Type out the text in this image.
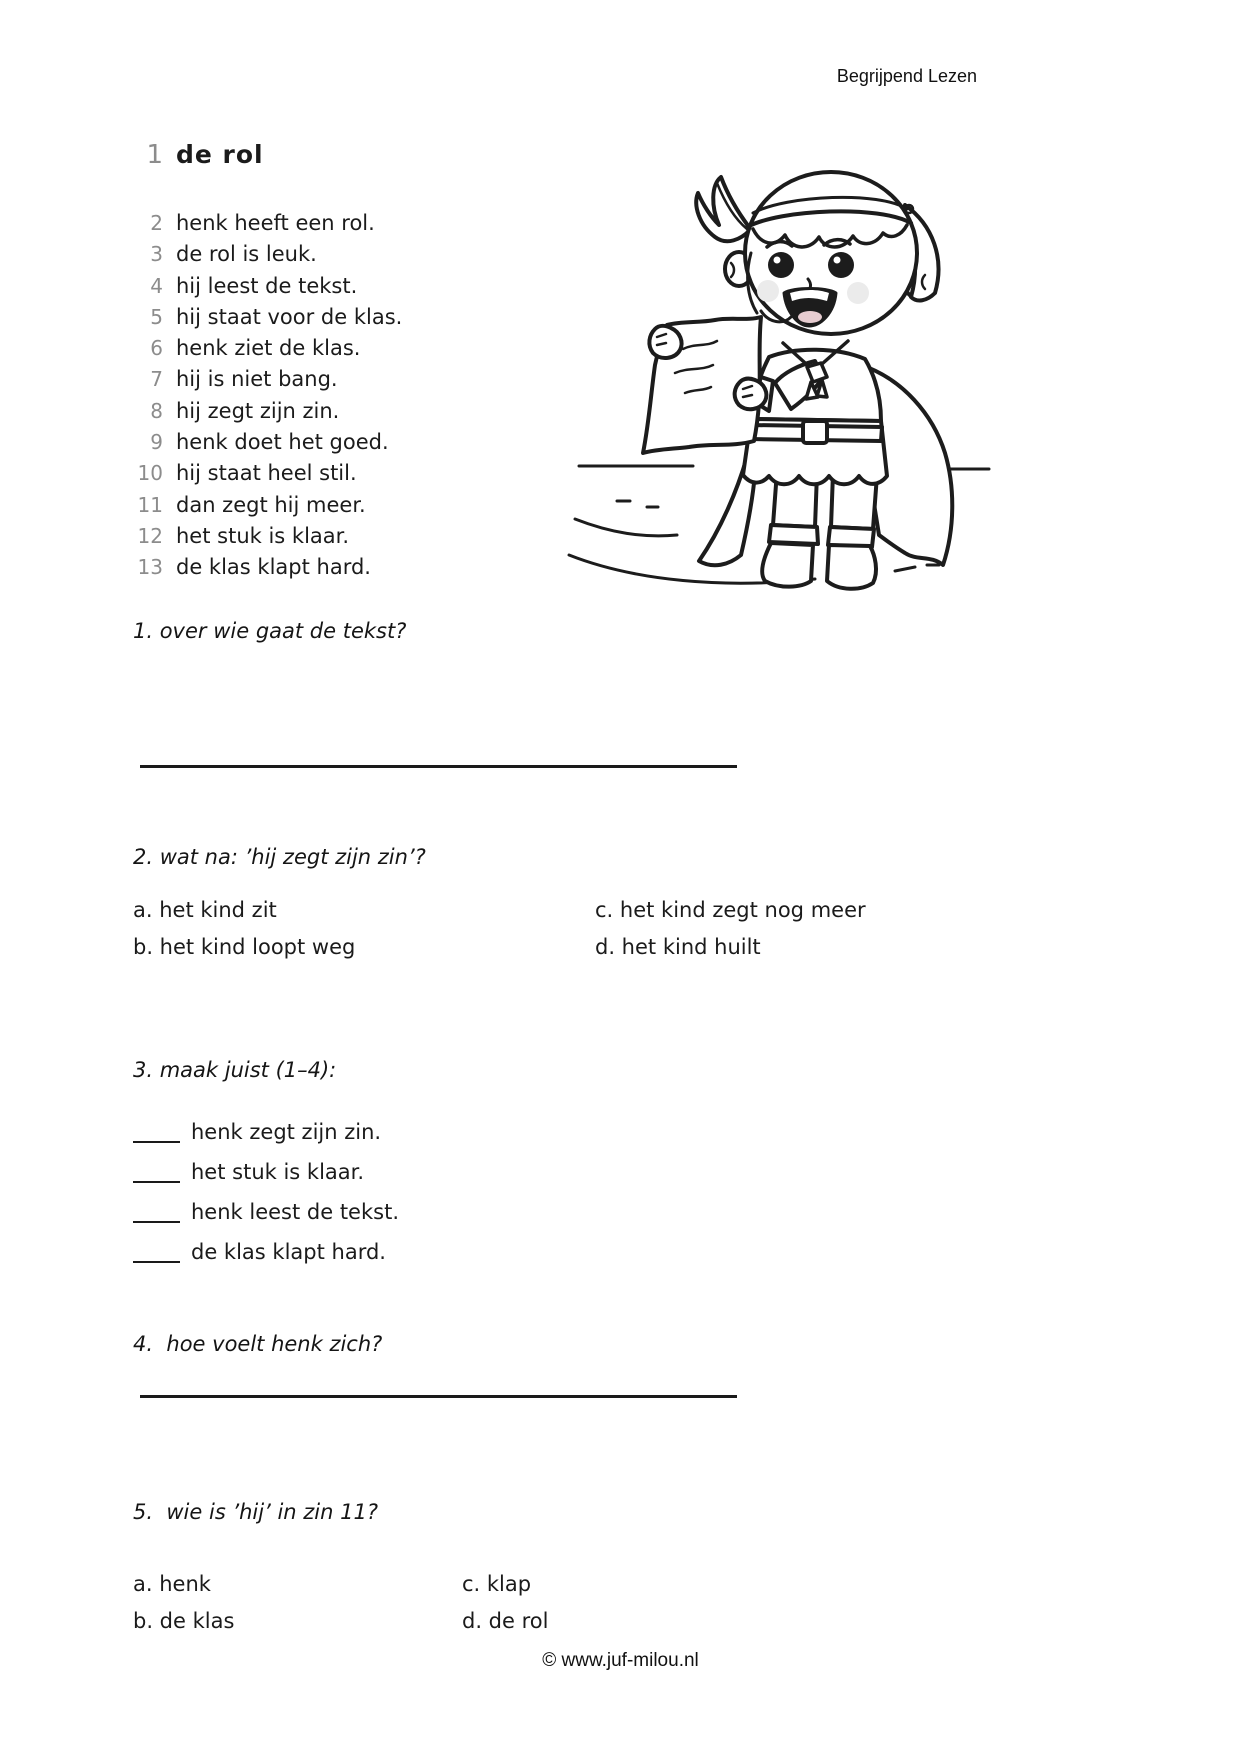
Begrijpend Lezen
1 de rol
2 henk heeft een rol.
3 de rol is leuk.
4 hij leest de tekst.
5 hij staat voor de klas.
6 henk ziet de klas.
7 hij is niet bang.
8 hij zegt zijn zin.
9 henk doet het goed.
10 hij staat heel stil.
11 dan zegt hij meer.
12 het stuk is klaar.
13 de klas klapt hard.
1. over wie gaat de tekst?
2. wat na: ’hij zegt zijn zin’?
a. het kind zit
b. het kind loopt weg
c. het kind zegt nog meer
d. het kind huilt
3. maak juist (1–4):
henk zegt zijn zin.
het stuk is klaar.
henk leest de tekst.
de klas klapt hard.
4.  hoe voelt henk zich?
5.  wie is ’hij’ in zin 11?
a. henk
b. de klas
c. klap
d. de rol
© www.juf-milou.nl
